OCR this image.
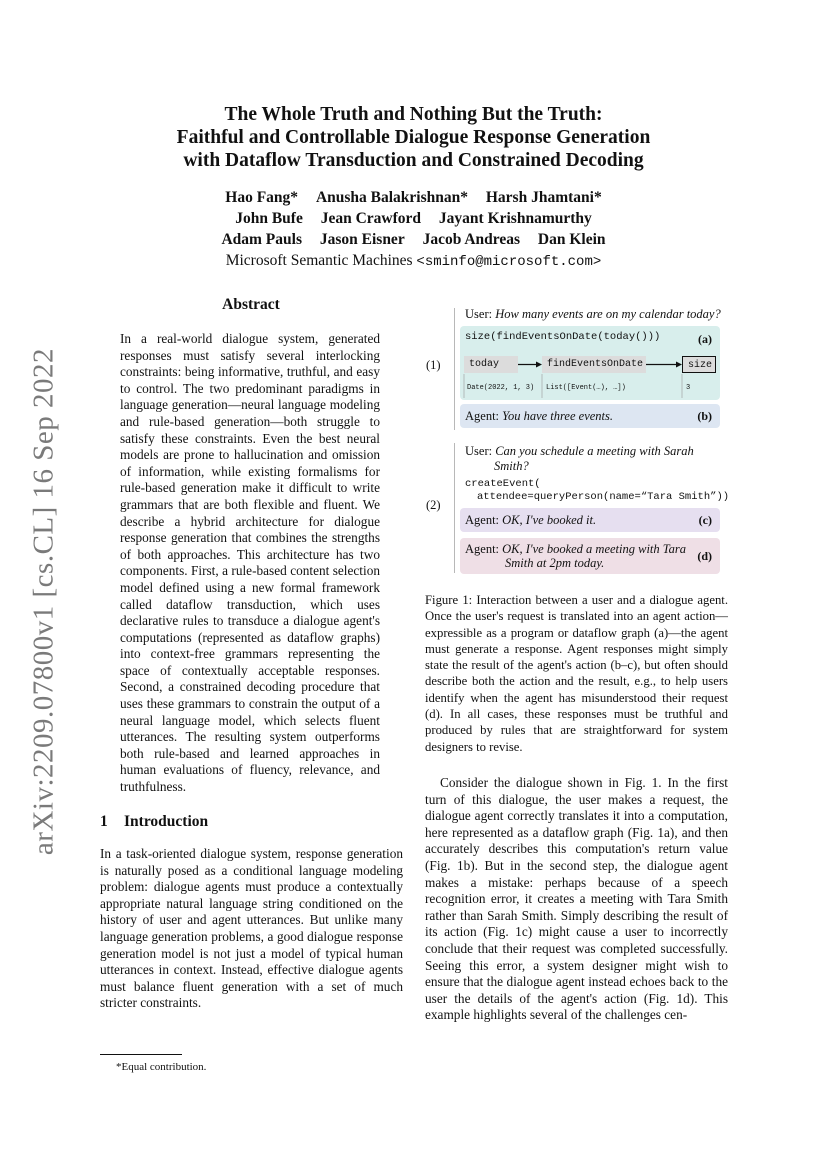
arXiv:2209.07800v1 [cs.CL] 16 Sep 2022
The Whole Truth and Nothing But the Truth:
Faithful and Controllable Dialogue Response Generation
with Dataflow Transduction and Constrained Decoding
Hao Fang* Anusha Balakrishnan* Harsh Jhamtani*
John Bufe Jean Crawford Jayant Krishnamurthy
Adam Pauls Jason Eisner Jacob Andreas Dan Klein
Microsoft Semantic Machines <sminfo@microsoft.com>
Abstract
In a real-world dialogue system, generated responses must satisfy several interlocking constraints: being informative, truthful, and easy to control. The two predominant paradigms in language generation—neural language modeling and rule-based generation—both struggle to satisfy these constraints. Even the best neural models are prone to hallucination and omission of information, while existing formalisms for rule-based generation make it difficult to write grammars that are both flexible and fluent. We describe a hybrid architecture for dialogue response generation that combines the strengths of both approaches. This architecture has two components. First, a rule-based content selection model defined using a new formal framework called dataflow transduction, which uses declarative rules to transduce a dialogue agent's computations (represented as dataflow graphs) into context-free grammars representing the space of contextually acceptable responses. Second, a constrained decoding procedure that uses these grammars to constrain the output of a neural language model, which selects fluent utterances. The resulting system outperforms both rule-based and learned approaches in human evaluations of fluency, relevance, and truthfulness.
1 Introduction
In a task-oriented dialogue system, response generation is naturally posed as a conditional language modeling problem: dialogue agents must produce a contextually appropriate natural language string conditioned on the history of user and agent utterances. But unlike many language generation problems, a good dialogue response generation model is not just a model of typical human utterances in context. Instead, effective dialogue agents must balance fluent generation with a set of much stricter constraints.
*Equal contribution.
(1)
User: How many events are on my calendar today?
size(findEventsOnDate(today()))	(a)
today	findEventsOnDate	size
Date(2022, 1, 3) List([Event(…), …])	3
Agent: You have three events.	(b)
(2)
User: Can you schedule a meeting with Sarah
Smith?
createEvent(
attendee=queryPerson(name=“Tara Smith”))
Agent: OK, I've booked it.	(c)
Agent: OK, I've booked a meeting with Tara
Smith at 2pm today.	(d)
Figure 1: Interaction between a user and a dialogue agent. Once the user's request is translated into an agent action—expressible as a program or dataflow graph (a)—the agent must generate a response. Agent responses might simply state the result of the agent's action (b–c), but often should describe both the action and the result, e.g., to help users identify when the agent has misunderstood their request (d). In all cases, these responses must be truthful and produced by rules that are straightforward for system designers to revise.

Consider the dialogue shown in Fig. 1. In the first turn of this dialogue, the user makes a request, the dialogue agent correctly translates it into a computation, here represented as a dataflow graph (Fig. 1a), and then accurately describes this computation's return value (Fig. 1b). But in the second step, the dialogue agent makes a mistake: perhaps because of a speech recognition error, it creates a meeting with Tara Smith rather than Sarah Smith. Simply describing the result of its action (Fig. 1c) might cause a user to incorrectly conclude that their request was completed successfully. Seeing this error, a system designer might wish to ensure that the dialogue agent instead echoes back to the user the details of the agent's action (Fig. 1d). This example highlights several of the challenges cen-
